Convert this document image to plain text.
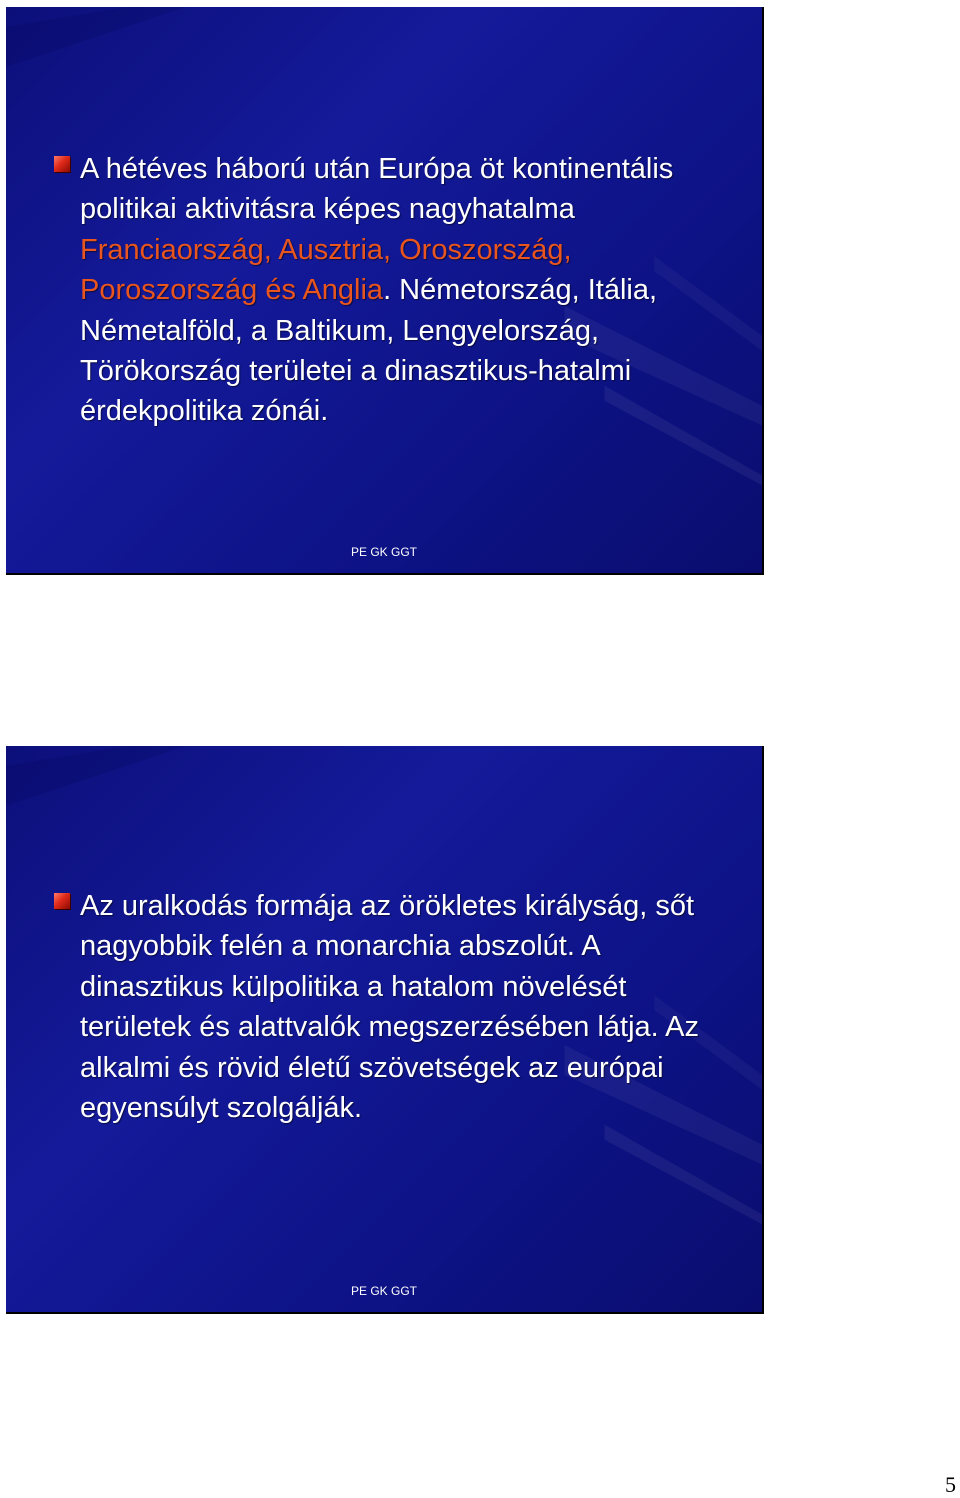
A hétéves háború után Európa öt kontinentális politikai aktivitásra képes nagyhatalma Franciaország, Ausztria, Oroszország, Poroszország és Anglia. Németország, Itália, Németalföld, a Baltikum, Lengyelország, Törökország területei a dinasztikus-hatalmi érdekpolitika zónái.
PE GK GGT
Az uralkodás formája az örökletes királyság, sőt nagyobbik felén a monarchia abszolút. A dinasztikus külpolitika a hatalom növelését területek és alattvalók megszerzésében látja. Az alkalmi és rövid életű szövetségek az európai egyensúlyt szolgálják.
PE GK GGT
5
